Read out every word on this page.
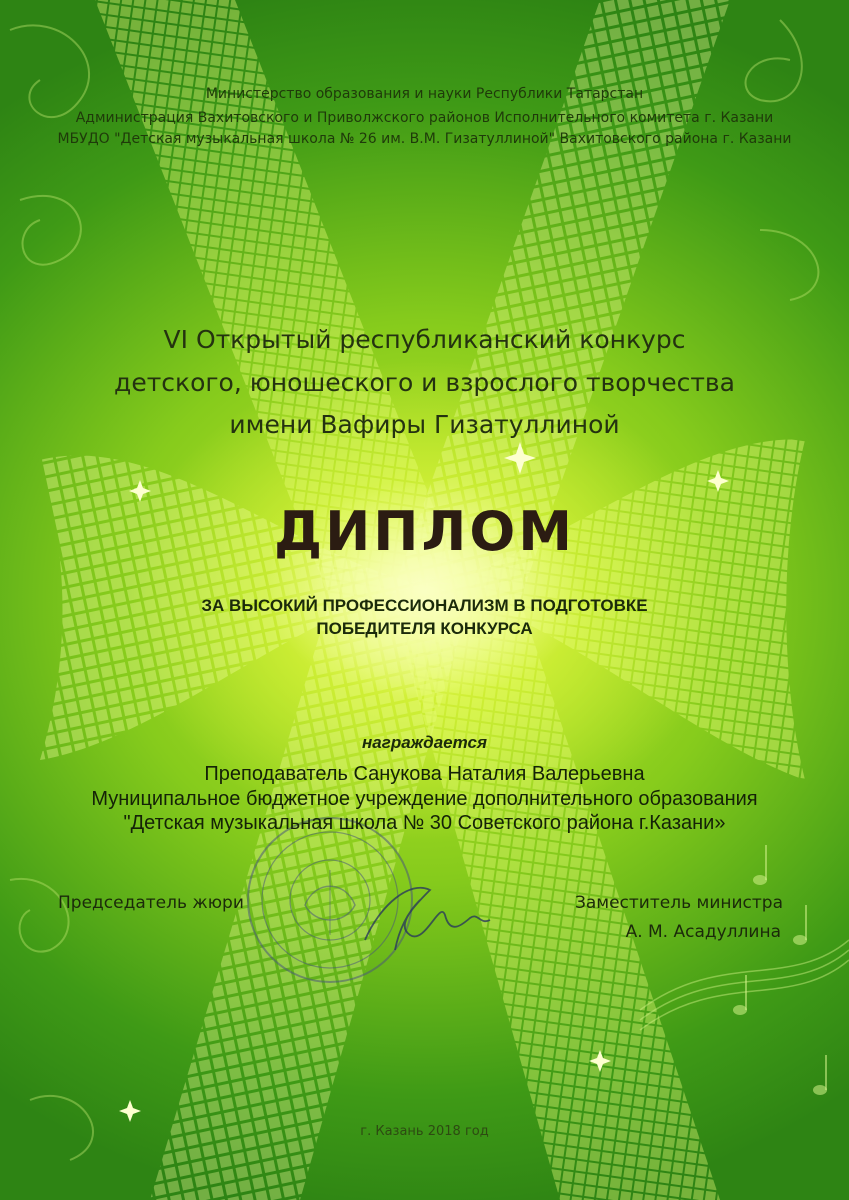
Министерство образования и науки Республики Татарстан
Администрация Вахитовского и Приволжского районов Исполнительного комитета г. Казани
МБУДО "Детская музыкальная школа № 26 им. В.М. Гизатуллиной" Вахитовского района г. Казани
VI Открытый республиканский конкурс
детского, юношеского и взрослого творчества
имени Вафиры Гизатуллиной
ДИПЛОМ
ЗА ВЫСОКИЙ ПРОФЕССИОНАЛИЗМ В ПОДГОТОВКЕ
ПОБЕДИТЕЛЯ КОНКУРСА
награждается
Преподаватель Санукова Наталия Валерьевна
Муниципальное бюджетное учреждение дополнительного образования
"Детская музыкальная школа № 30 Советского района г.Казани»
Председатель жюри	Заместитель министра
А. М. Асадуллина
г. Казань 2018 год
